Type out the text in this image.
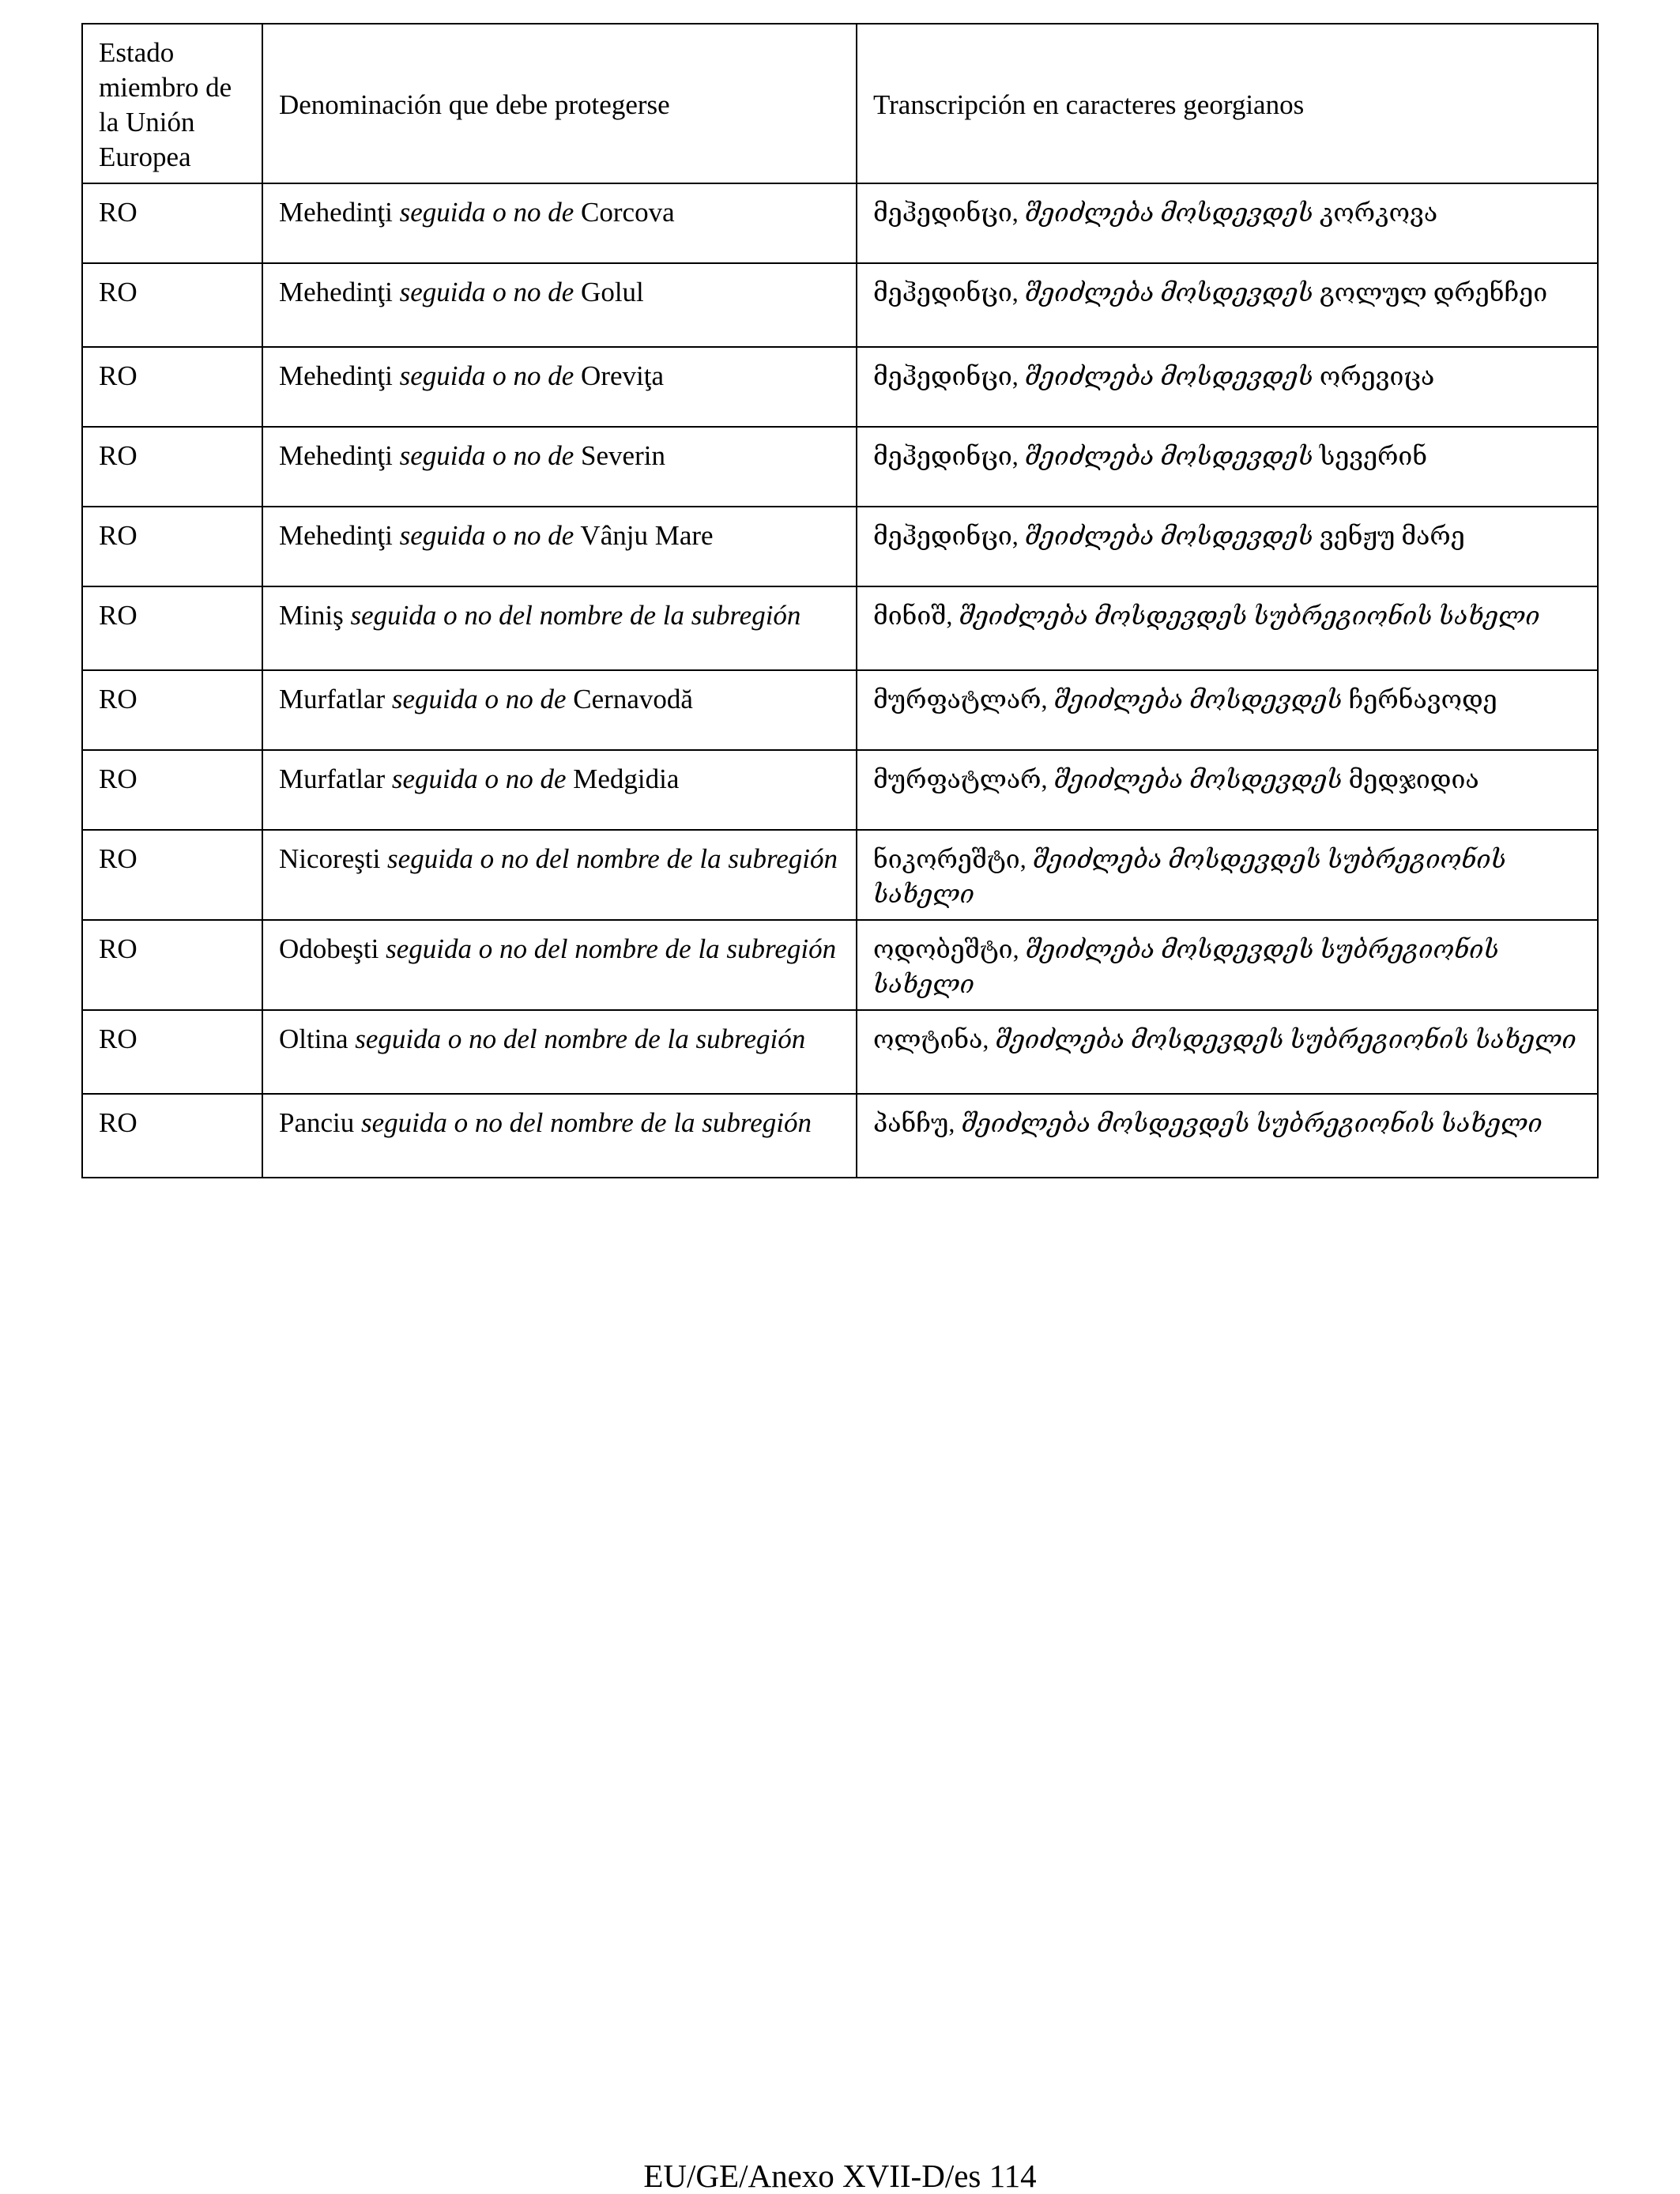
Estado miembro de la Unión Europea	Denominación que debe protegerse	Transcripción en caracteres georgianos
RO	Mehedinţi seguida o no de Corcova	მეჰედინცი, შეიძლება მოსდევდეს კორკოვა
RO	Mehedinţi seguida o no de Golul	მეჰედინცი, შეიძლება მოსდევდეს გოლულ დრენჩეი
RO	Mehedinţi seguida o no de Oreviţa	მეჰედინცი, შეიძლება მოსდევდეს ორევიცა
RO	Mehedinţi seguida o no de Severin	მეჰედინცი, შეიძლება მოსდევდეს სევერინ
RO	Mehedinţi seguida o no de Vânju Mare	მეჰედინცი, შეიძლება მოსდევდეს ვენჟუ მარე
RO	Miniş seguida o no del nombre de la subregión	მინიშ, შეიძლება მოსდევდეს სუბრეგიონის სახელი
RO	Murfatlar seguida o no de Cernavodă	მურფატლარ, შეიძლება მოსდევდეს ჩერნავოდე
RO	Murfatlar seguida o no de Medgidia	მურფატლარ, შეიძლება მოსდევდეს მედჯიდია
RO	Nicoreşti seguida o no del nombre de la subregión	ნიკორეშტი, შეიძლება მოსდევდეს სუბრეგიონის სახელი
RO	Odobeşti seguida o no del nombre de la subregión	ოდობეშტი, შეიძლება მოსდევდეს სუბრეგიონის სახელი
RO	Oltina seguida o no del nombre de la subregión	ოლტინა, შეიძლება მოსდევდეს სუბრეგიონის სახელი
RO	Panciu seguida o no del nombre de la subregión	პანჩუ, შეიძლება მოსდევდეს სუბრეგიონის სახელი
EU/GE/Anexo XVII-D/es 114
